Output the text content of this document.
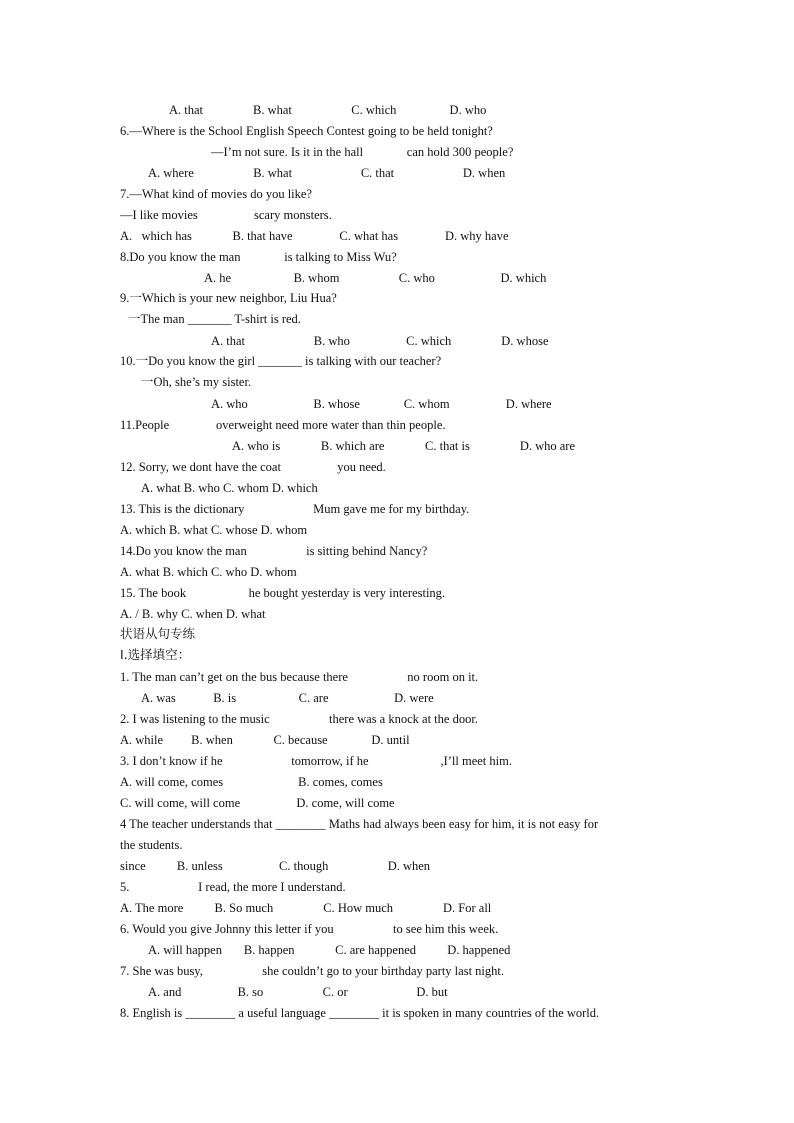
A. that                B. what                   C. which                 D. who
6.—Where is the School English Speech Contest going to be held tonight?
—I’m not sure. Is it in the hall              can hold 300 people?
A. where                   B. what                      C. that                      D. when
7.—What kind of movies do you like?
—I like movies                  scary monsters.
A.   which has             B. that have               C. what has               D. why have
8.Do you know the man              is talking to Miss Wu?
A. he                    B. whom                   C. who                     D. which
9.一Which is your new neighbor, Liu Hua?
一The man _______ T-shirt is red.
A. that                      B. who                  C. which                D. whose
10.一Do you know the girl _______ is talking with our teacher?
一Oh, she’s my sister.
A. who                     B. whose              C. whom                  D. where
11.People               overweight need more water than thin people.
A. who is             B. which are             C. that is                D. who are
12. Sorry, we dont have the coat                  you need.
A. what B. who C. whom D. which
13. This is the dictionary                      Mum gave me for my birthday.
A. which B. what C. whose D. whom
14.Do you know the man                   is sitting behind Nancy?
A. what B. which C. who D. whom
15. The book                    he bought yesterday is very interesting.
A. / B. why C. when D. what
状语从句专练
Ⅰ.选择填空：
1. The man can’t get on the bus because there                   no room on it.
A. was            B. is                    C. are                     D. were
2. I was listening to the music                   there was a knock at the door.
A. while         B. when             C. because              D. until
3. I don’t know if he                      tomorrow, if he                       ,I’ll meet him.
A. will come, comes                        B. comes, comes
C. will come, will come                  D. come, will come
4 The teacher understands that ________ Maths had always been easy for him, it is not easy for
the students.
since          B. unless                  C. though                   D. when
5.                      I read, the more I understand.
A. The more          B. So much                C. How much                D. For all
6. Would you give Johnny this letter if you                   to see him this week.
A. will happen       B. happen             C. are happened          D. happened
7. She was busy,                   she couldn’t go to your birthday party last night.
A. and                  B. so                   C. or                      D. but
8. English is ________ a useful language ________ it is spoken in many countries of the world.
